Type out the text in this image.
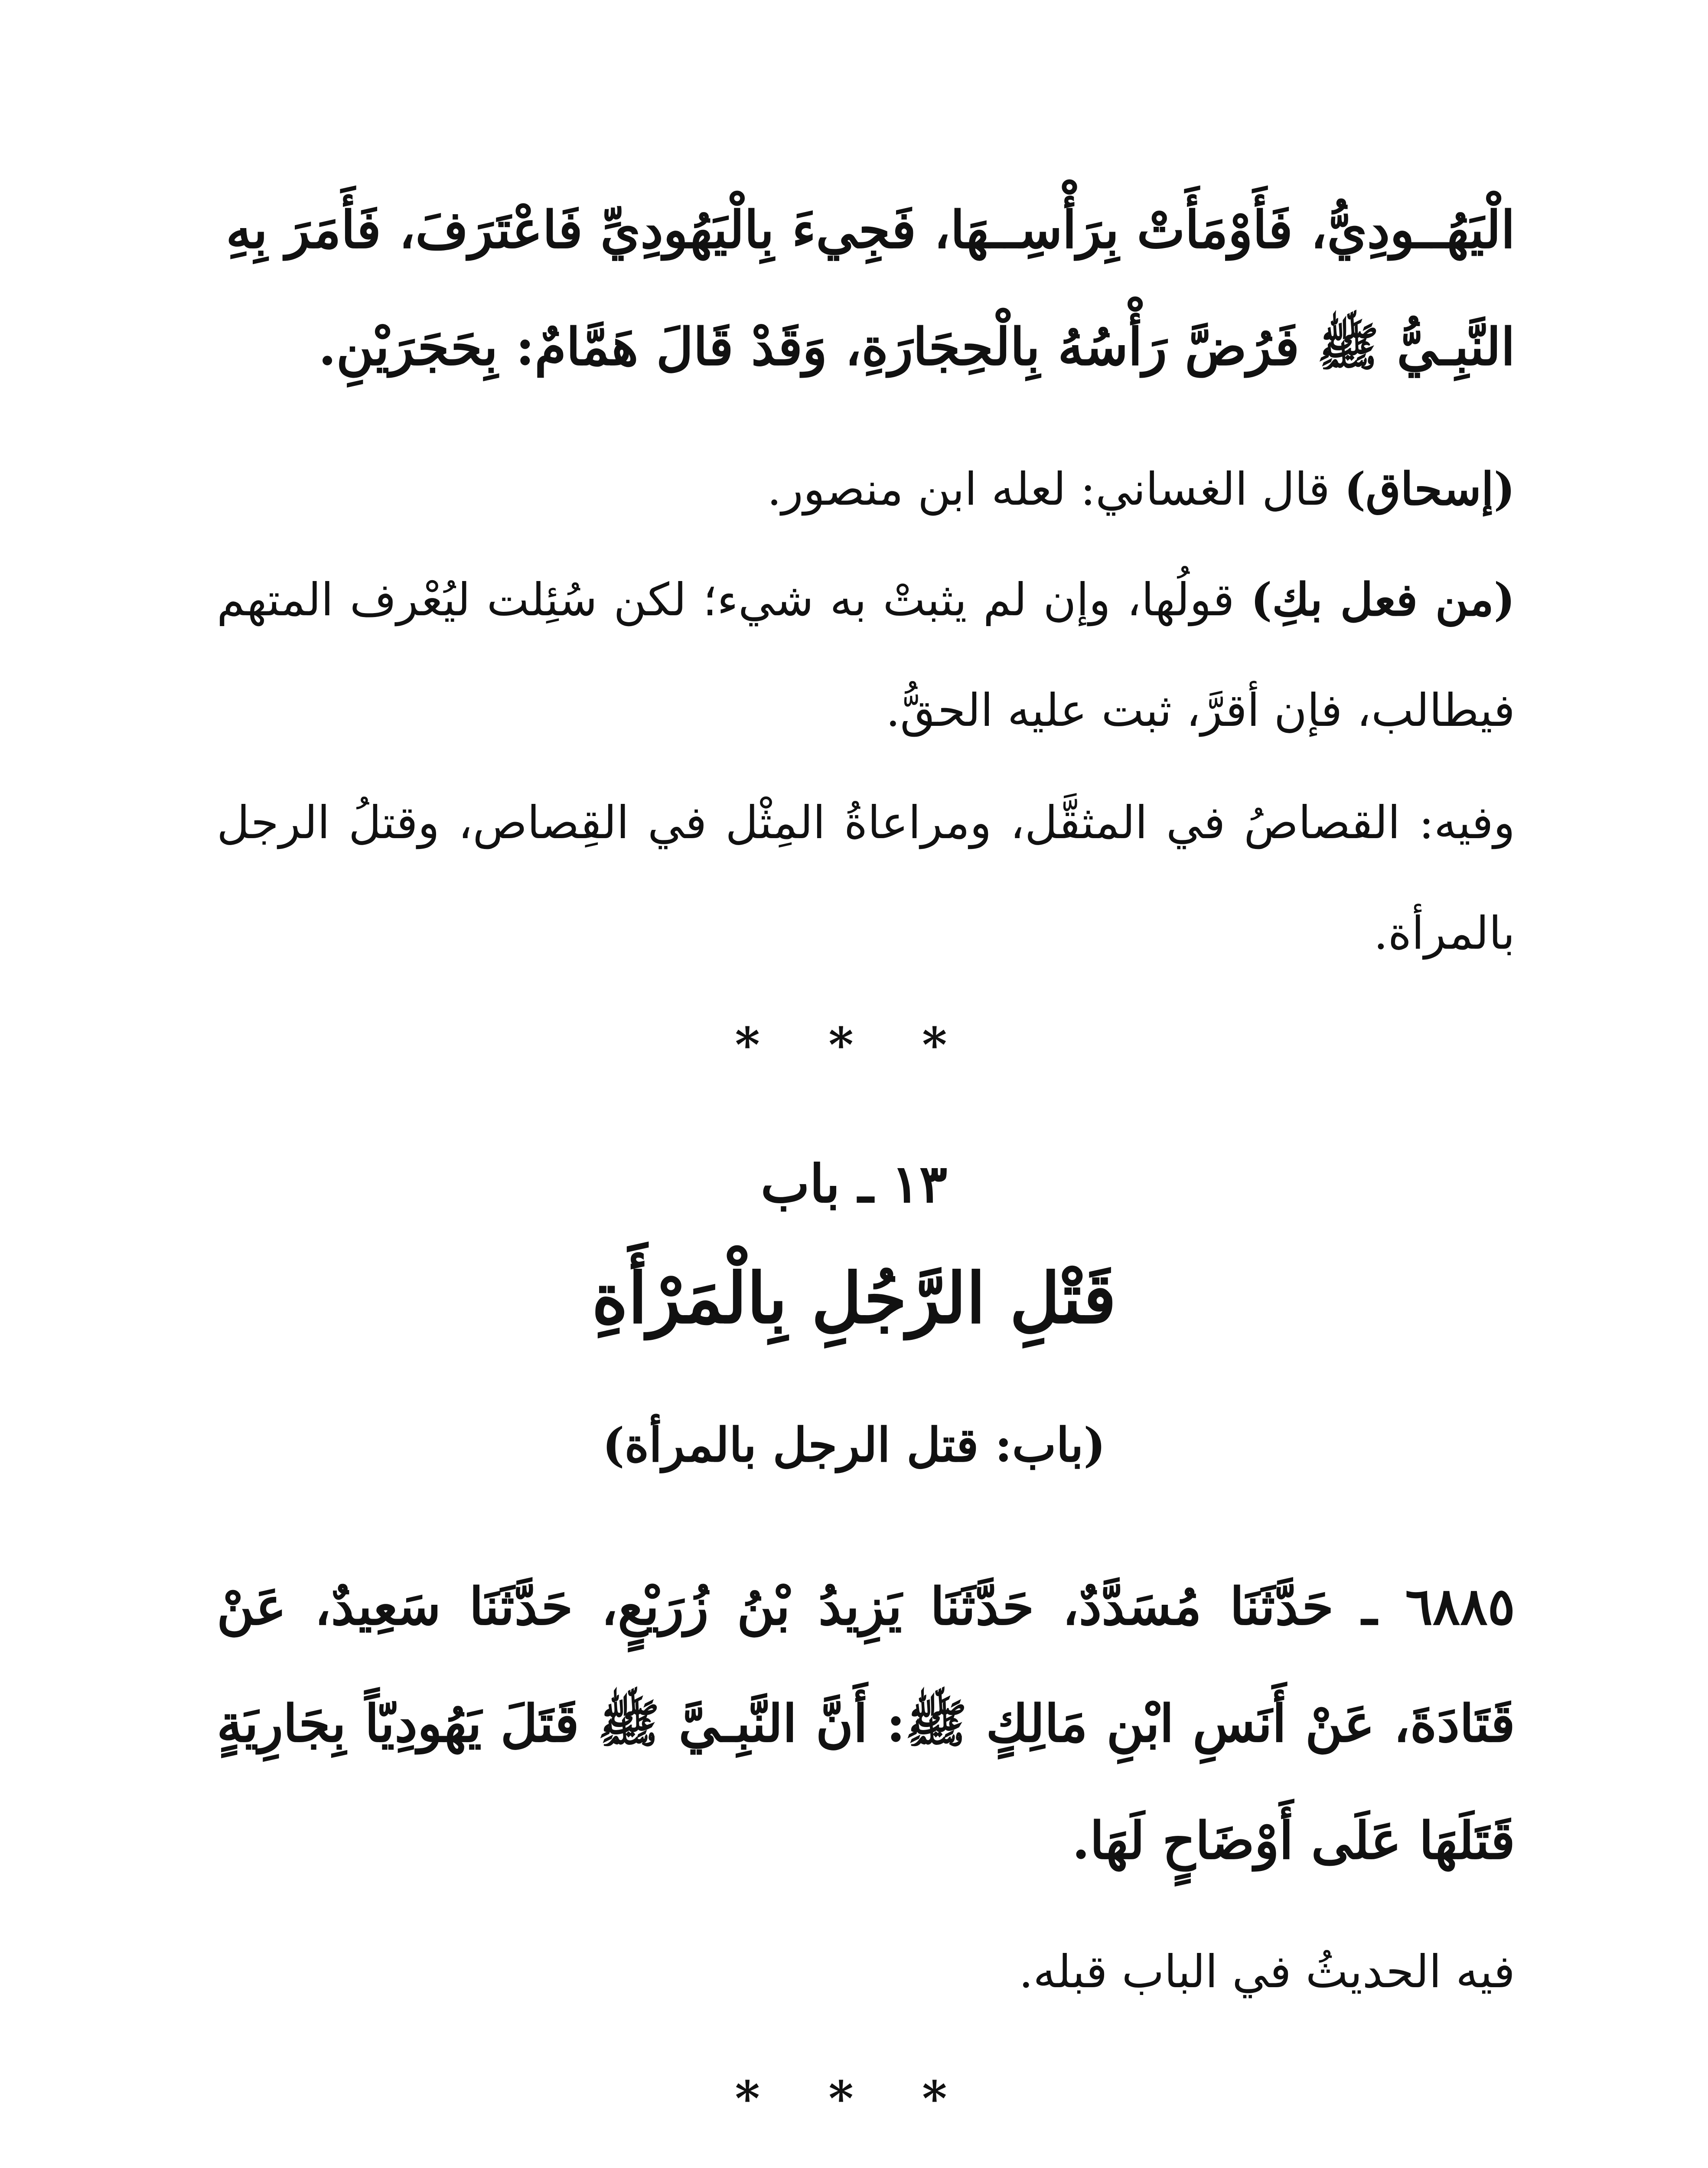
الْيَهُــودِيُّ، فَأَوْمَأَتْ بِرَأْسِــهَا، فَجِيءَ بِالْيَهُودِيِّ فَاعْتَرَفَ، فَأَمَرَ بِهِ
النَّبِـيُّ ﷺ فَرُضَّ رَأْسُهُ بِالْحِجَارَةِ، وَقَدْ قَالَ هَمَّامٌ: بِحَجَرَيْنِ.
(إسحاق) قال الغساني: لعله ابن منصور.
(من فعل بكِ) قولُها، وإن لم يثبتْ به شيء؛ لكن سُئِلت ليُعْرف المتهم فيطالب، فإن أقرَّ، ثبت عليه الحقُّ.
وفيه: القصاصُ في المثقَّل، ومراعاةُ المِثْل في القِصاص، وقتلُ الرجل بالمرأة.
* * *
١٣ ـ باب
قَتْلِ الرَّجُلِ بِالْمَرْأَةِ
(باب: قتل الرجل بالمرأة)
٦٨٨٥ ـ حَدَّثَنَا مُسَدَّدٌ، حَدَّثَنَا يَزِيدُ بْنُ زُرَيْعٍ، حَدَّثَنَا سَعِيدٌ، عَنْ قَتَادَةَ، عَنْ أَنَسِ ابْنِ مَالِكٍ ﷺ: أَنَّ النَّبِـيَّ ﷺ قَتَلَ يَهُودِيّاً بِجَارِيَةٍ قَتَلَهَا عَلَى أَوْضَاحٍ لَهَا.
فيه الحديثُ في الباب قبله.
* * *
